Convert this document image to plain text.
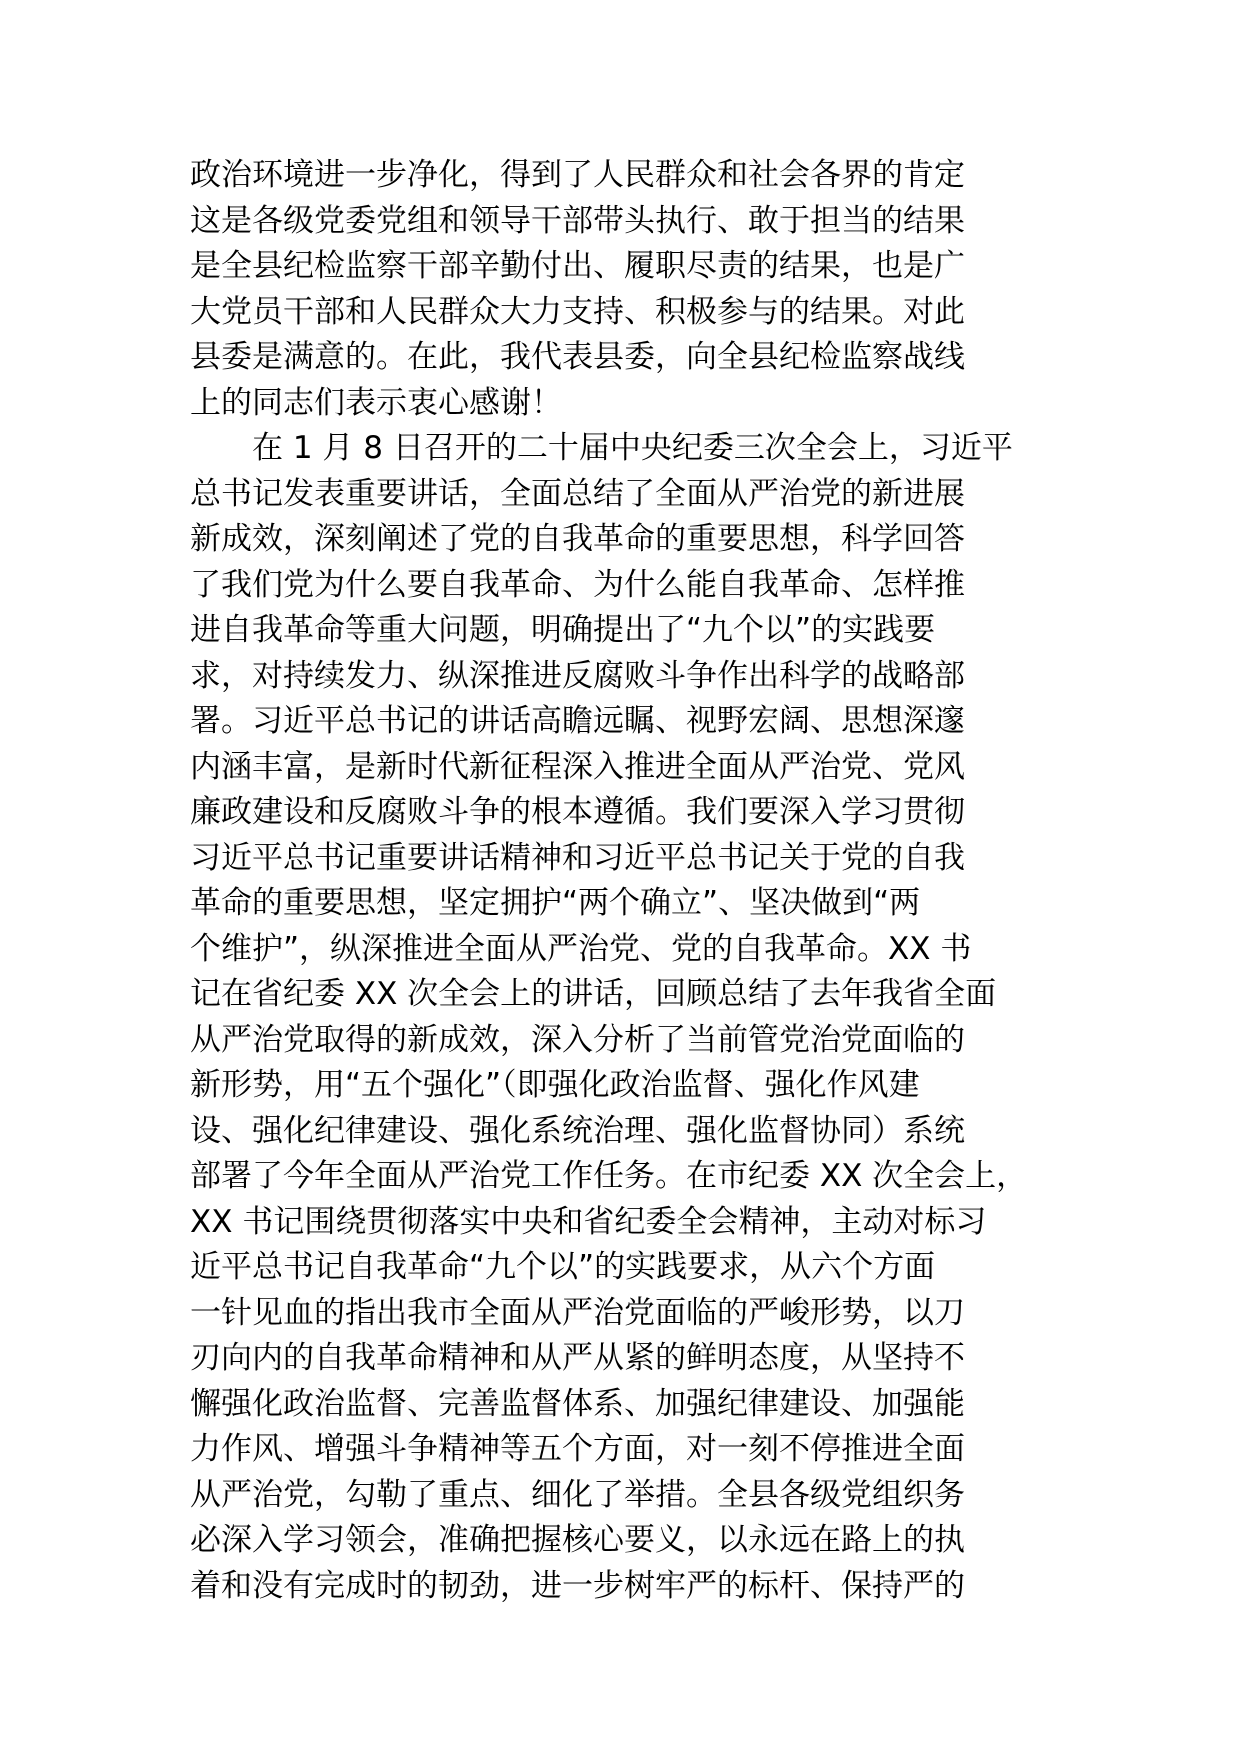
政治环境进一步净化，得到了人民群众和社会各界的肯定
这是各级党委党组和领导干部带头执行、敢于担当的结果
是全县纪检监察干部辛勤付出、履职尽责的结果，也是广
大党员干部和人民群众大力支持、积极参与的结果。对此
县委是满意的。在此，我代表县委，向全县纪检监察战线
上的同志们表示衷心感谢！
　　在 1 月 8 日召开的二十届中央纪委三次全会上，习近平
总书记发表重要讲话，全面总结了全面从严治党的新进展
新成效，深刻阐述了党的自我革命的重要思想，科学回答
了我们党为什么要自我革命、为什么能自我革命、怎样推
进自我革命等重大问题，明确提出了“九个以”的实践要
求，对持续发力、纵深推进反腐败斗争作出科学的战略部
署。习近平总书记的讲话高瞻远瞩、视野宏阔、思想深邃
内涵丰富，是新时代新征程深入推进全面从严治党、党风
廉政建设和反腐败斗争的根本遵循。我们要深入学习贯彻
习近平总书记重要讲话精神和习近平总书记关于党的自我
革命的重要思想，坚定拥护“两个确立”、坚决做到“两
个维护”，纵深推进全面从严治党、党的自我革命。XX 书
记在省纪委 XX 次全会上的讲话，回顾总结了去年我省全面
从严治党取得的新成效，深入分析了当前管党治党面临的
新形势，用“五个强化”（即强化政治监督、强化作风建
设、强化纪律建设、强化系统治理、强化监督协同）系统
部署了今年全面从严治党工作任务。在市纪委 XX 次全会上，
XX 书记围绕贯彻落实中央和省纪委全会精神，主动对标习
近平总书记自我革命“九个以”的实践要求，从六个方面
一针见血的指出我市全面从严治党面临的严峻形势，以刀
刃向内的自我革命精神和从严从紧的鲜明态度，从坚持不
懈强化政治监督、完善监督体系、加强纪律建设、加强能
力作风、增强斗争精神等五个方面，对一刻不停推进全面
从严治党，勾勒了重点、细化了举措。全县各级党组织务
必深入学习领会，准确把握核心要义，以永远在路上的执
着和没有完成时的韧劲，进一步树牢严的标杆、保持严的
